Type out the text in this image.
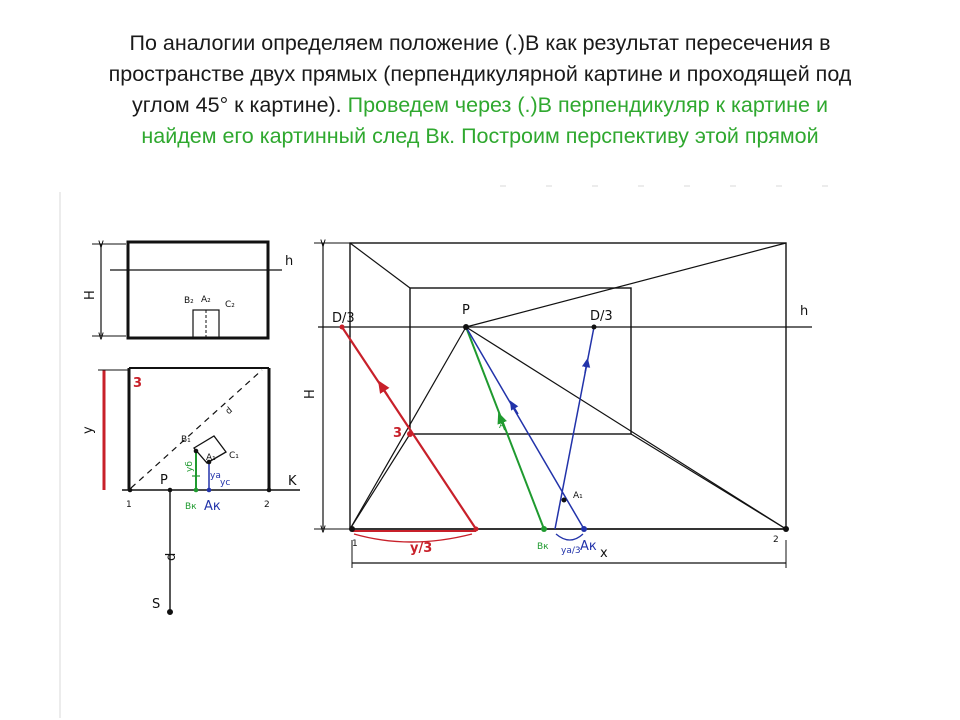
По аналогии определяем положение (.)В как результат пересечения в
пространстве двух прямых (перпендикулярной картине и проходящей под
углом 45° к картине). Проведем через (.)В перпендикуляр к картине и
найдем его картинный след Вк. Построим перспективу этой прямой
h
H
B₂ A₂ C₂
3
y
d
B₁
A₁ C₁
yб
ya
yc
P	K
1	2
Bк Aк
d
S
H
h
D/3	D/3
P
3	A
A₁
1	2
y/3	Bк ya/3 Aк x
